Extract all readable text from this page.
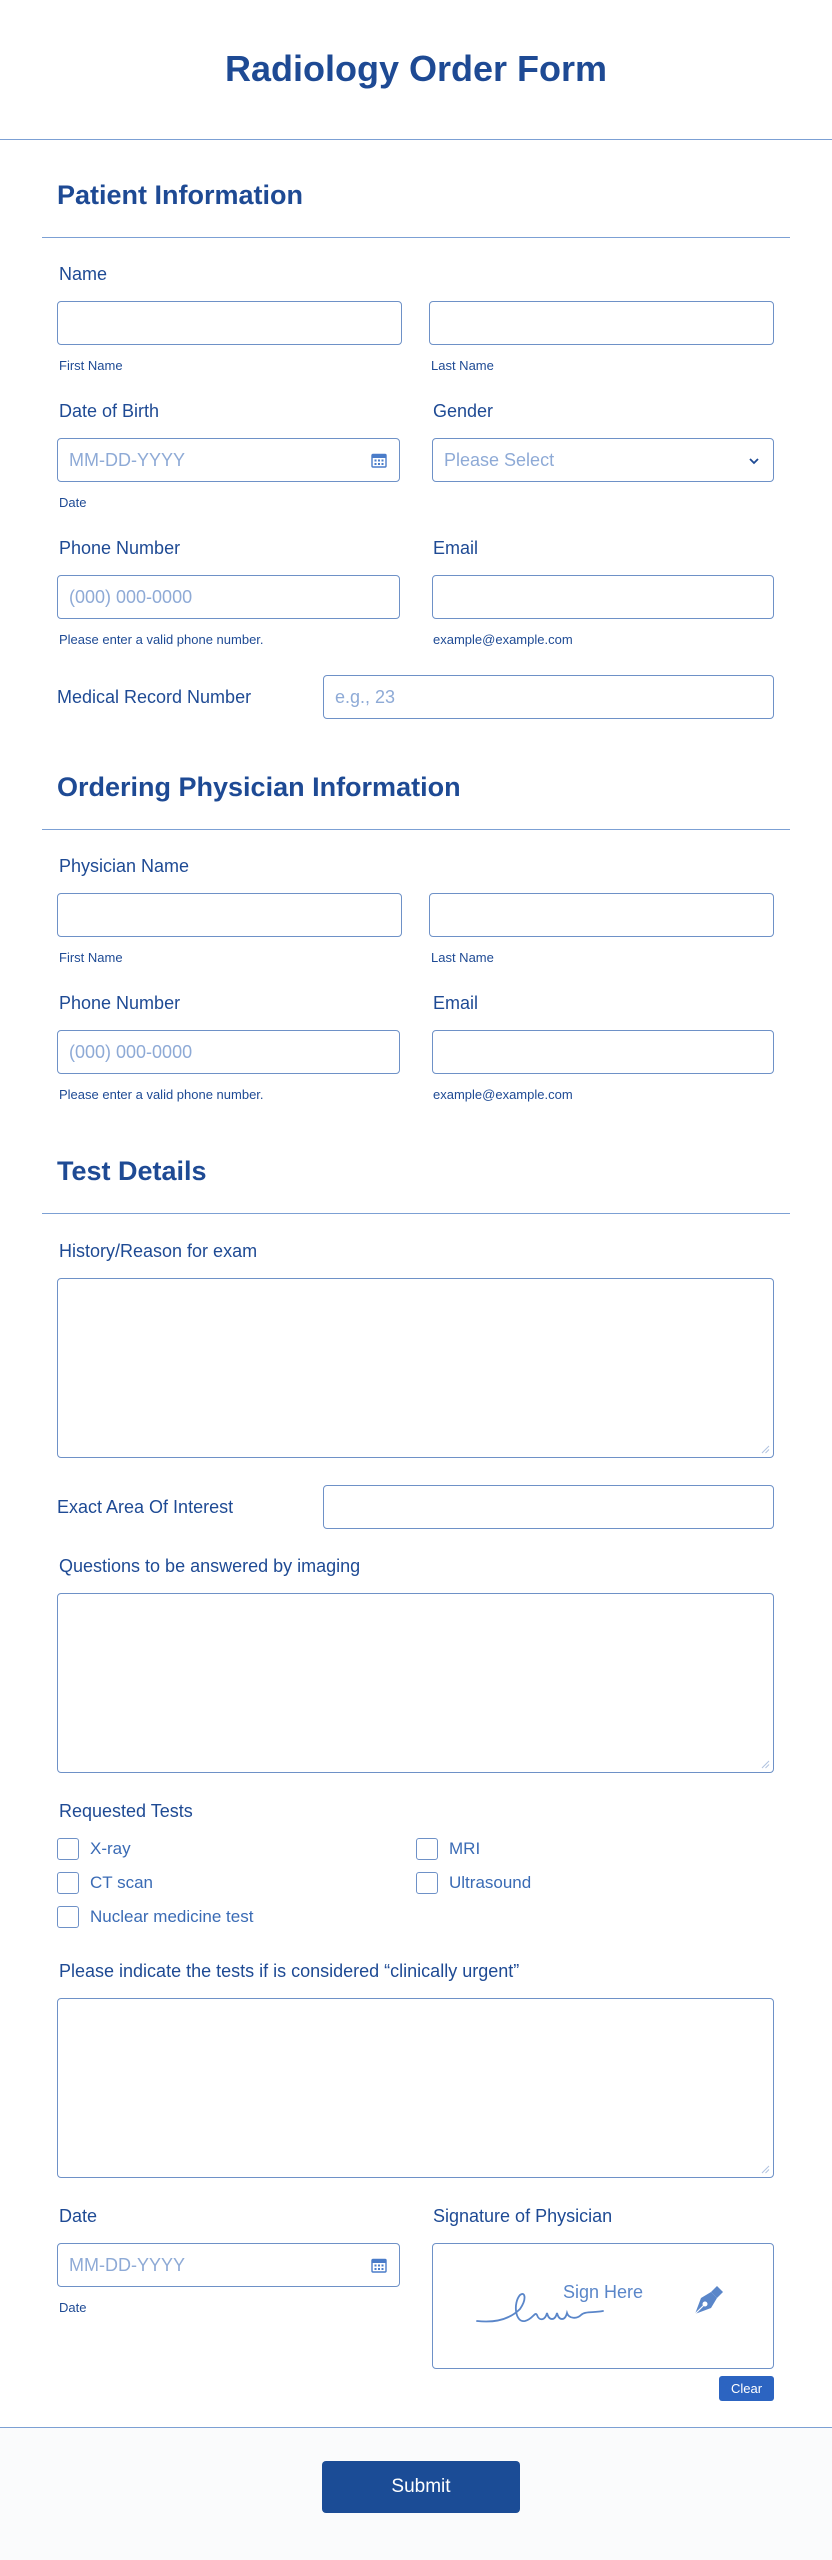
Radiology Order Form
Patient Information
Name
First Name	Last Name
Date of Birth
MM-DD-YYYY
Date
Gender
Please Select
Phone Number
(000) 000-0000
Please enter a valid phone number.
Email
example@example.com
Medical Record Number	e.g., 23
Ordering Physician Information
Physician Name
First Name	Last Name
Phone Number
(000) 000-0000
Please enter a valid phone number.
Email
example@example.com
Test Details
History/Reason for exam
Exact Area Of Interest
Questions to be answered by imaging
Requested Tests
X-ray	MRI
CT scan	Ultrasound
Nuclear medicine test
Please indicate the tests if is considered “clinically urgent”
Date
MM-DD-YYYY
Date
Signature of Physician
Sign Here
Clear
Submit
